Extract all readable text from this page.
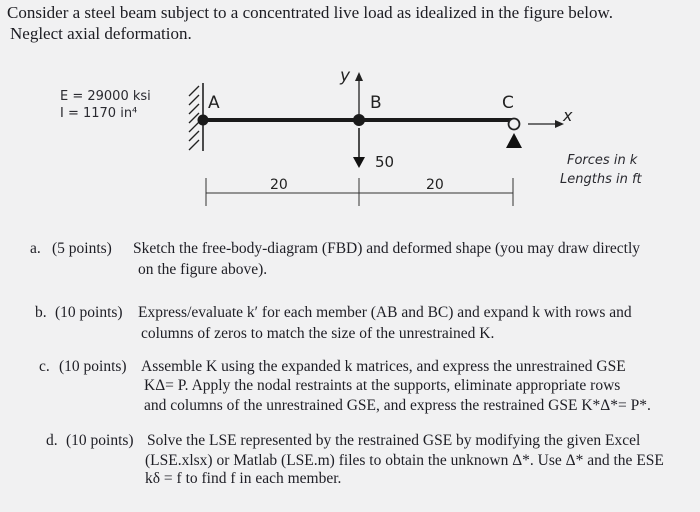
Consider a steel beam subject to a concentrated live load as idealized in the figure below.
Neglect axial deformation.
E = 29000 ksi
I = 1170 in⁴
y
A	B	C
x
50
20	20
Forces in k
Lengths in ft
a. (5 points) Sketch the free-body-diagram (FBD) and deformed shape (you may draw directly
on the figure above).
b. (10 points) Express/evaluate k′ for each member (AB and BC) and expand k with rows and
columns of zeros to match the size of the unrestrained K.
c. (10 points) Assemble K using the expanded k matrices, and express the unrestrained GSE
KΔ= P. Apply the nodal restraints at the supports, eliminate appropriate rows
and columns of the unrestrained GSE, and express the restrained GSE K*Δ*= P*.
d. (10 points) Solve the LSE represented by the restrained GSE by modifying the given Excel
(LSE.xlsx) or Matlab (LSE.m) files to obtain the unknown Δ*. Use Δ* and the ESE
kδ = f to find f in each member.
